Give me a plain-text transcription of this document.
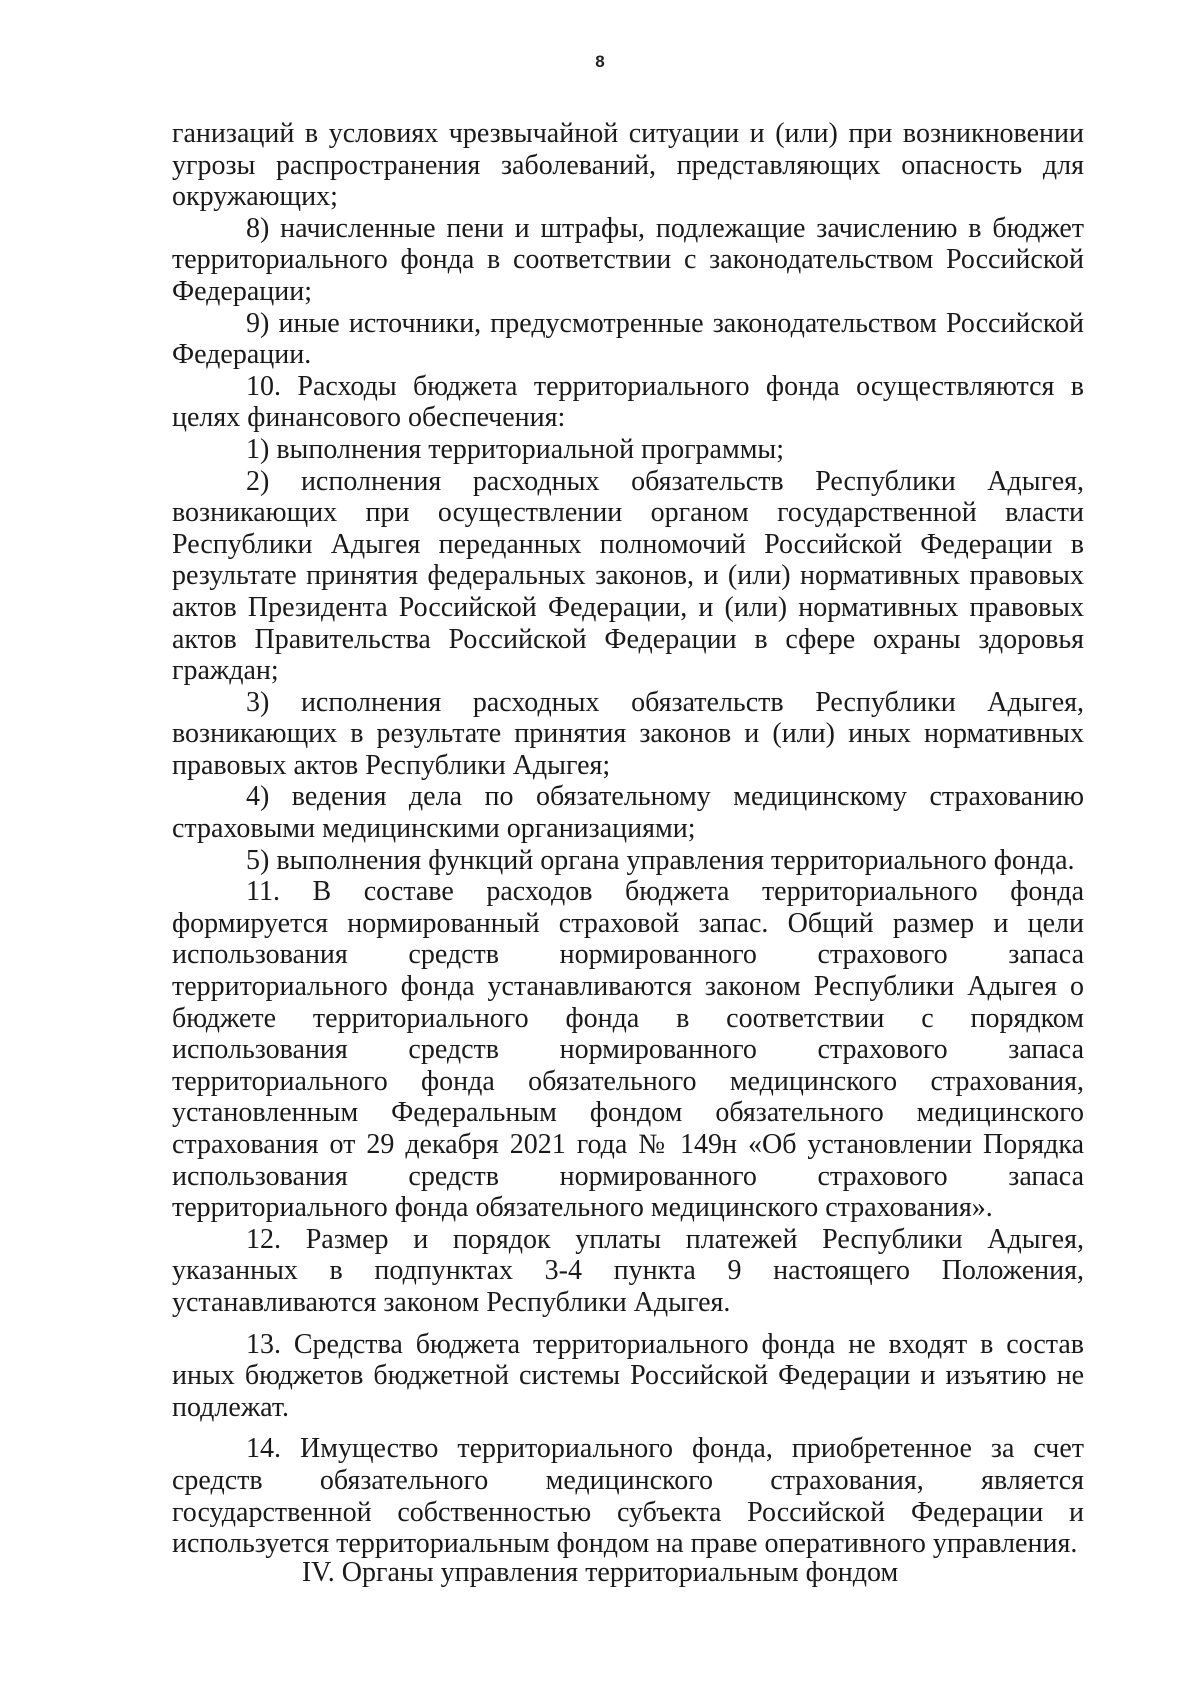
8

ганизаций в условиях чрезвычайной ситуации и (или) при возникновении угрозы распространения заболеваний, представляющих опасность для окружающих;

8) начисленные пени и штрафы, подлежащие зачислению в бюджет территориального фонда в соответствии с законодательством Российской Федерации;

9) иные источники, предусмотренные законодательством Российской Федерации.

10. Расходы бюджета территориального фонда осуществляются в целях финансового обеспечения:

1) выполнения территориальной программы;

2) исполнения расходных обязательств Республики Адыгея, возникающих при осуществлении органом государственной власти Республики Адыгея переданных полномочий Российской Федерации в результате принятия федеральных законов, и (или) нормативных правовых актов Президента Российской Федерации, и (или) нормативных правовых актов Правительства Российской Федерации в сфере охраны здоровья граждан;

3) исполнения расходных обязательств Республики Адыгея, возникающих в результате принятия законов и (или) иных нормативных правовых актов Республики Адыгея;

4) ведения дела по обязательному медицинскому страхованию страховыми медицинскими организациями;

5) выполнения функций органа управления территориального фонда.

11. В составе расходов бюджета территориального фонда формируется нормированный страховой запас. Общий размер и цели использования средств нормированного страхового запаса территориального фонда устанавливаются законом Республики Адыгея о бюджете территориального фонда в соответствии с порядком использования средств нормированного страхового запаса территориального фонда обязательного медицинского страхования, установленным Федеральным фондом обязательного медицинского страхования от 29 декабря 2021 года № 149н «Об установлении Порядка использования средств нормированного страхового запаса территориального фонда обязательного медицинского страхования».

12. Размер и порядок уплаты платежей Республики Адыгея, указанных в подпунктах 3-4 пункта 9 настоящего Положения, устанавливаются законом Республики Адыгея.

13. Средства бюджета территориального фонда не входят в состав иных бюджетов бюджетной системы Российской Федерации и изъятию не подлежат.

14. Имущество территориального фонда, приобретенное за счет средств обязательного медицинского страхования, является государственной собственностью субъекта Российской Федерации и используется территориальным фондом на праве оперативного управления.

IV. Органы управления территориальным фондом
